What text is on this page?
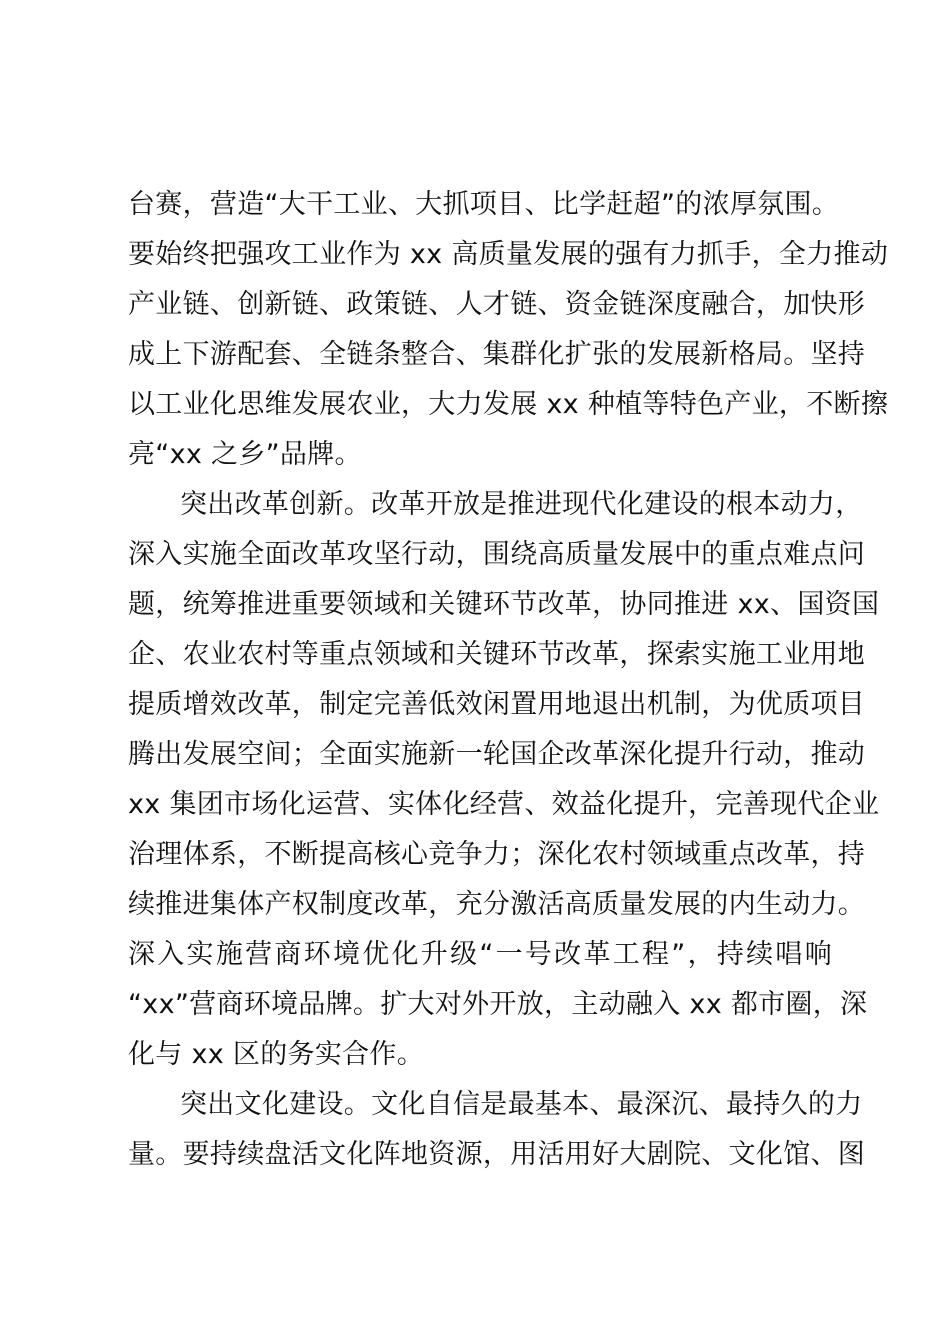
台赛，营造“大干工业、大抓项目、比学赶超”的浓厚氛围。
要始终把强攻工业作为 xx 高质量发展的强有力抓手，全力推动
产业链、创新链、政策链、人才链、资金链深度融合，加快形
成上下游配套、全链条整合、集群化扩张的发展新格局。坚持
以工业化思维发展农业，大力发展 xx 种植等特色产业，不断擦
亮“xx 之乡”品牌。
突出改革创新。改革开放是推进现代化建设的根本动力，
深入实施全面改革攻坚行动，围绕高质量发展中的重点难点问
题，统筹推进重要领域和关键环节改革，协同推进 xx、国资国
企、农业农村等重点领域和关键环节改革，探索实施工业用地
提质增效改革，制定完善低效闲置用地退出机制，为优质项目
腾出发展空间；全面实施新一轮国企改革深化提升行动，推动
xx 集团市场化运营、实体化经营、效益化提升，完善现代企业
治理体系，不断提高核心竞争力；深化农村领域重点改革，持
续推进集体产权制度改革，充分激活高质量发展的内生动力。
深入实施营商环境优化升级“一号改革工程”，持续唱响
“xx”营商环境品牌。扩大对外开放，主动融入 xx 都市圈，深
化与 xx 区的务实合作。
突出文化建设。文化自信是最基本、最深沉、最持久的力
量。要持续盘活文化阵地资源，用活用好大剧院、文化馆、图
